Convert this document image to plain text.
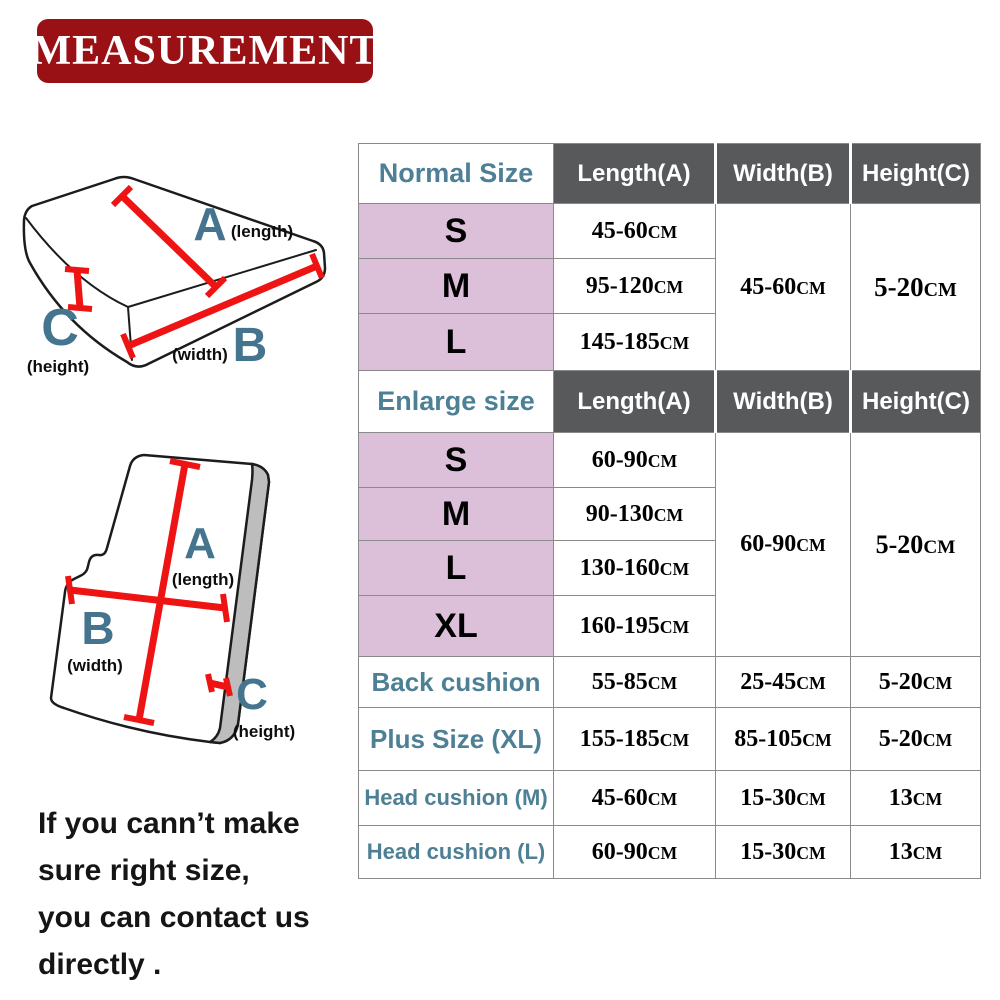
MEASUREMENT
A (length)
B
(width)
C
(height)
A
(length)
B
(width)
C
(height)
Normal Size	Length(A)	Width(B)	Height(C)
S	45-60CM	45-60CM	5-20CM
M	95-120CM		
L	145-185CM		
Enlarge size	Length(A)	Width(B)	Height(C)
S	60-90CM	60-90CM	5-20CM
M	90-130CM		
L	130-160CM		
XL	160-195CM		
Back cushion	55-85CM	25-45CM	5-20CM
Plus Size (XL)	155-185CM	85-105CM	5-20CM
Head cushion (M)	45-60CM	15-30CM	13CM
Head cushion (L)	60-90CM	15-30CM	13CM
If you cann’t make
sure right size,
you can contact us
directly .
